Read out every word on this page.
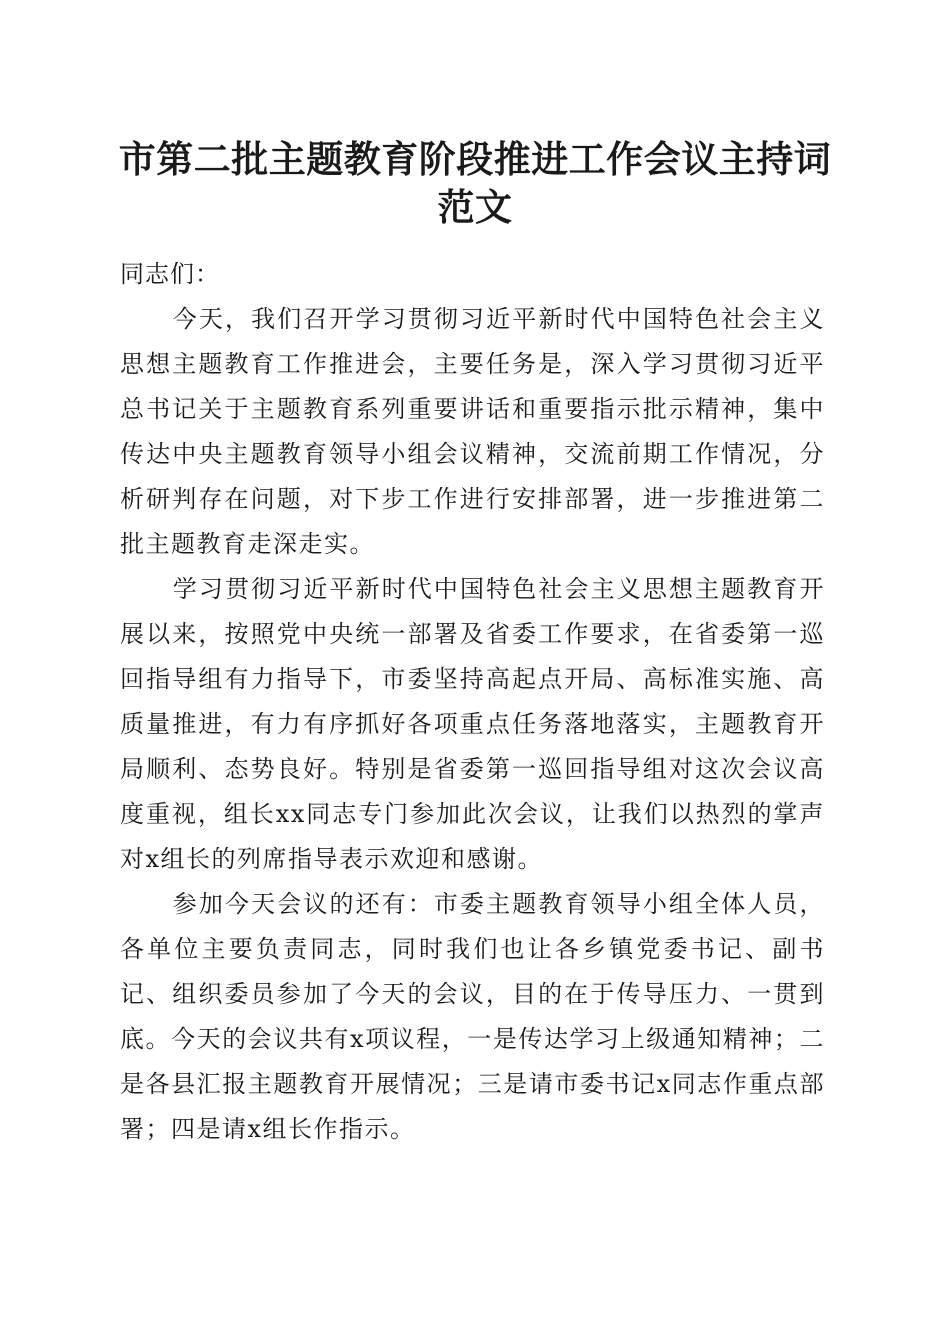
市第二批主题教育阶段推进工作会议主持词范文

同志们：

今天，我们召开学习贯彻习近平新时代中国特色社会主义思想主题教育工作推进会，主要任务是，深入学习贯彻习近平总书记关于主题教育系列重要讲话和重要指示批示精神，集中传达中央主题教育领导小组会议精神，交流前期工作情况，分析研判存在问题，对下步工作进行安排部署，进一步推进第二批主题教育走深走实。

学习贯彻习近平新时代中国特色社会主义思想主题教育开展以来，按照党中央统一部署及省委工作要求，在省委第一巡回指导组有力指导下，市委坚持高起点开局、高标准实施、高质量推进，有力有序抓好各项重点任务落地落实，主题教育开局顺利、态势良好。特别是省委第一巡回指导组对这次会议高度重视，组长xx同志专门参加此次会议，让我们以热烈的掌声对x组长的列席指导表示欢迎和感谢。

参加今天会议的还有：市委主题教育领导小组全体人员，各单位主要负责同志，同时我们也让各乡镇党委书记、副书记、组织委员参加了今天的会议，目的在于传导压力、一贯到底。今天的会议共有x项议程，一是传达学习上级通知精神；二是各县汇报主题教育开展情况；三是请市委书记x同志作重点部署；四是请x组长作指示。
